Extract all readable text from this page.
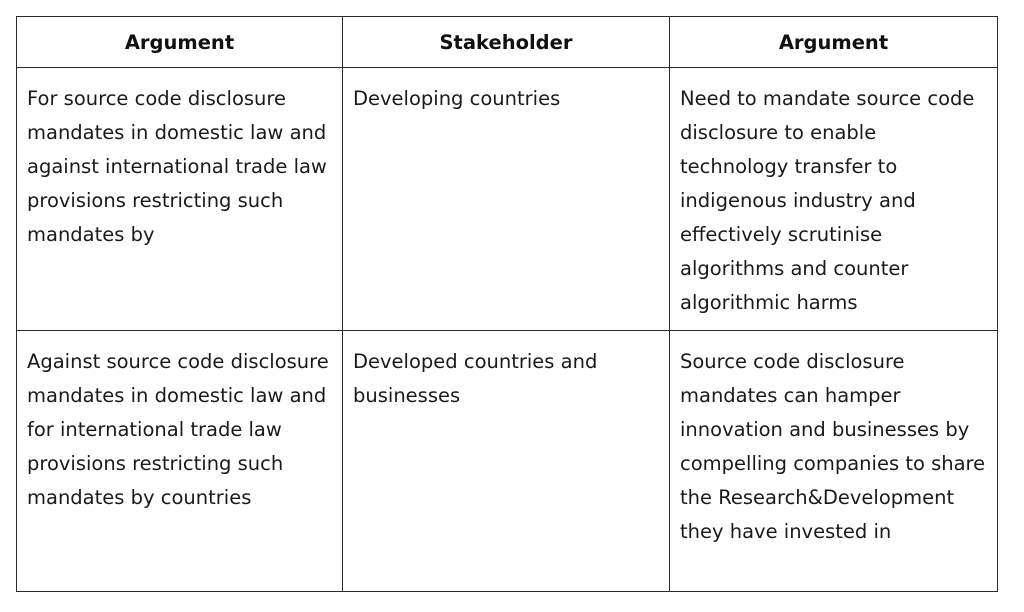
Argument	Stakeholder	Argument
For source code disclosure mandates in domestic law and against international trade law provisions restricting such mandates by	Developing countries	Need to mandate source code disclosure to enable technology transfer to indigenous industry and effectively scrutinise algorithms and counter algorithmic harms
Against source code disclosure mandates in domestic law and for international trade law provisions restricting such mandates by countries	Developed countries and businesses	Source code disclosure mandates can hamper innovation and businesses by compelling companies to share the Research&Development they have invested in
